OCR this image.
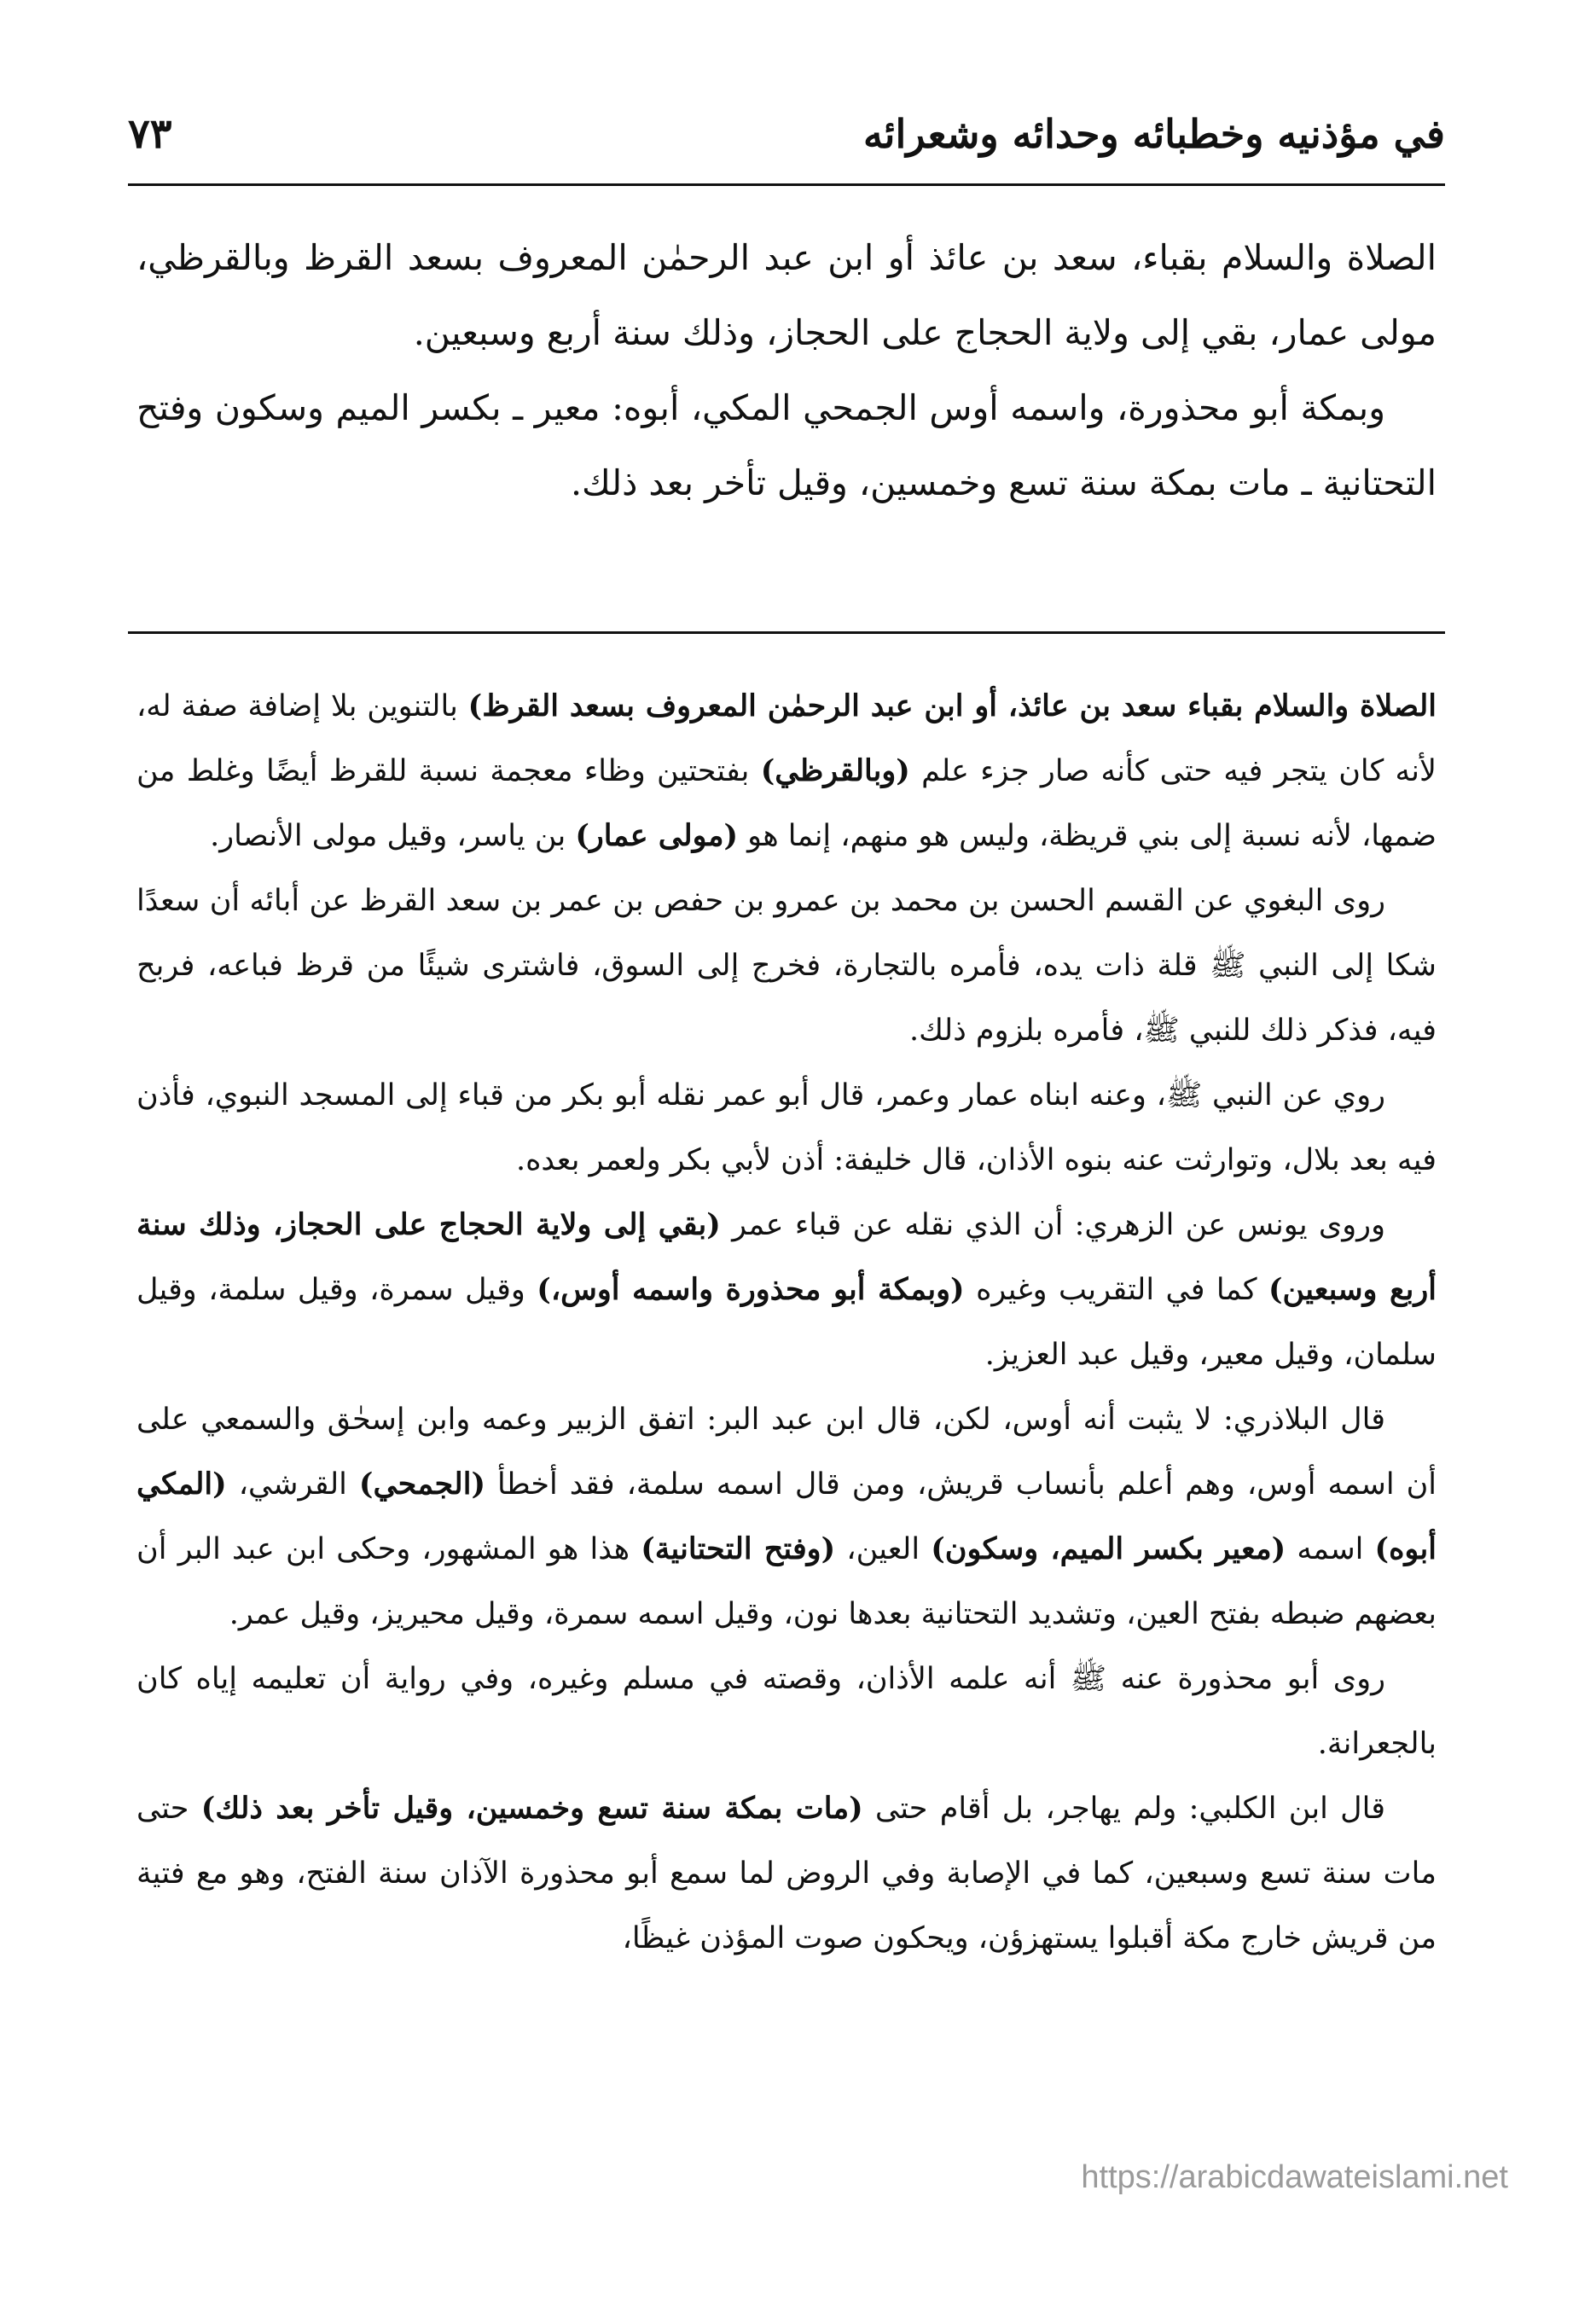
في مؤذنيه وخطبائه وحدائه وشعرائه
٧٣

الصلاة والسلام بقباء، سعد بن عائذ أو ابن عبد الرحمٰن المعروف بسعد القرظ وبالقرظي، مولى عمار، بقي إلى ولاية الحجاج على الحجاز، وذلك سنة أربع وسبعين.

وبمكة أبو محذورة، واسمه أوس الجمحي المكي، أبوه: معير ـ بكسر الميم وسكون وفتح التحتانية ـ مات بمكة سنة تسع وخمسين، وقيل تأخر بعد ذلك.

الصلاة والسلام بقباء سعد بن عائذ، أو ابن عبد الرحمٰن المعروف بسعد القرظ) بالتنوين بلا إضافة صفة له، لأنه كان يتجر فيه حتى كأنه صار جزء علم (وبالقرظي) بفتحتين وظاء معجمة نسبة للقرظ أيضًا وغلط من ضمها، لأنه نسبة إلى بني قريظة، وليس هو منهم، إنما هو (مولى عمار) بن ياسر، وقيل مولى الأنصار.

روى البغوي عن القسم الحسن بن محمد بن عمرو بن حفص بن عمر بن سعد القرظ عن أبائه أن سعدًا شكا إلى النبي ﷺ قلة ذات يده، فأمره بالتجارة، فخرج إلى السوق، فاشترى شيئًا من قرظ فباعه، فربح فيه، فذكر ذلك للنبي ﷺ، فأمره بلزوم ذلك.

روي عن النبي ﷺ، وعنه ابناه عمار وعمر، قال أبو عمر نقله أبو بكر من قباء إلى المسجد النبوي، فأذن فيه بعد بلال، وتوارثت عنه بنوه الأذان، قال خليفة: أذن لأبي بكر ولعمر بعده.

وروى يونس عن الزهري: أن الذي نقله عن قباء عمر (بقي إلى ولاية الحجاج على الحجاز، وذلك سنة أربع وسبعين) كما في التقريب وغيره (وبمكة أبو محذورة واسمه أوس،) وقيل سمرة، وقيل سلمة، وقيل سلمان، وقيل معير، وقيل عبد العزيز.

قال البلاذري: لا يثبت أنه أوس، لكن، قال ابن عبد البر: اتفق الزبير وعمه وابن إسحٰق والسمعي على أن اسمه أوس، وهم أعلم بأنساب قريش، ومن قال اسمه سلمة، فقد أخطأ (الجمحي) القرشي، (المكي أبوه) اسمه (معير بكسر الميم، وسكون) العين، (وفتح التحتانية) هذا هو المشهور، وحكى ابن عبد البر أن بعضهم ضبطه بفتح العين، وتشديد التحتانية بعدها نون، وقيل اسمه سمرة، وقيل محيريز، وقيل عمر.

روى أبو محذورة عنه ﷺ أنه علمه الأذان، وقصته في مسلم وغيره، وفي رواية أن تعليمه إياه كان بالجعرانة.

قال ابن الكلبي: ولم يهاجر، بل أقام حتى (مات بمكة سنة تسع وخمسين، وقيل تأخر بعد ذلك) حتى مات سنة تسع وسبعين، كما في الإصابة وفي الروض لما سمع أبو محذورة الآذان سنة الفتح، وهو مع فتية من قريش خارج مكة أقبلوا يستهزؤن، ويحكون صوت المؤذن غيظًا،

https://arabicdawateislami.net
